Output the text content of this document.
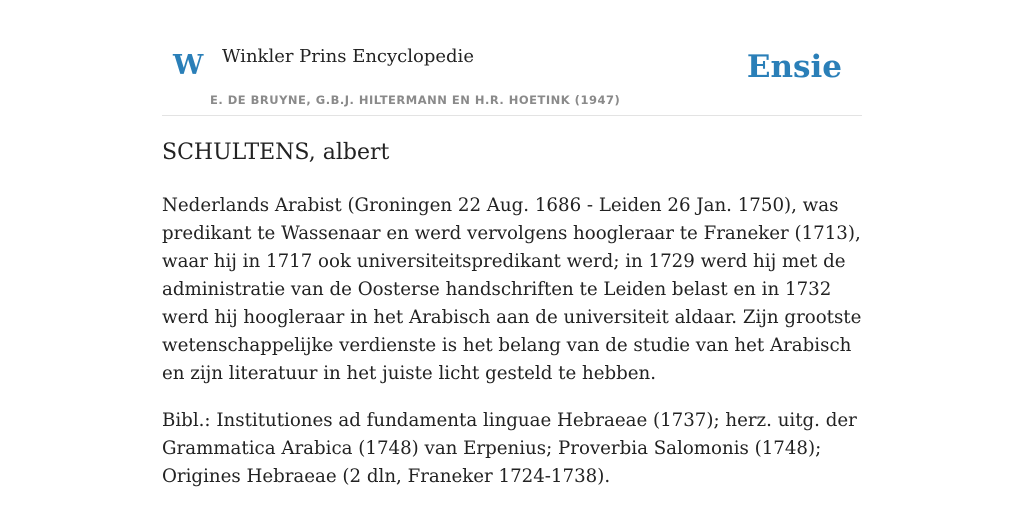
W Winkler Prins Encyclopedie
E. DE BRUYNE, G.B.J. HILTERMANN EN H.R. HOETINK (1947)
Ensie
SCHULTENS, albert

Nederlands Arabist (Groningen 22 Aug. 1686 - Leiden 26 Jan. 1750), was predikant te Wassenaar en werd vervolgens hoogleraar te Franeker (1713), waar hij in 1717 ook universiteitspredikant werd; in 1729 werd hij met de administratie van de Oosterse handschriften te Leiden belast en in 1732 werd hij hoogleraar in het Arabisch aan de universiteit aldaar. Zijn grootste wetenschappelijke verdienste is het belang van de studie van het Arabisch en zijn literatuur in het juiste licht gesteld te hebben.

Bibl.: Institutiones ad fundamenta linguae Hebraeae (1737); herz. uitg. der Grammatica Arabica (1748) van Erpenius; Proverbia Salomonis (1748); Origines Hebraeae (2 dln, Franeker 1724-1738).
